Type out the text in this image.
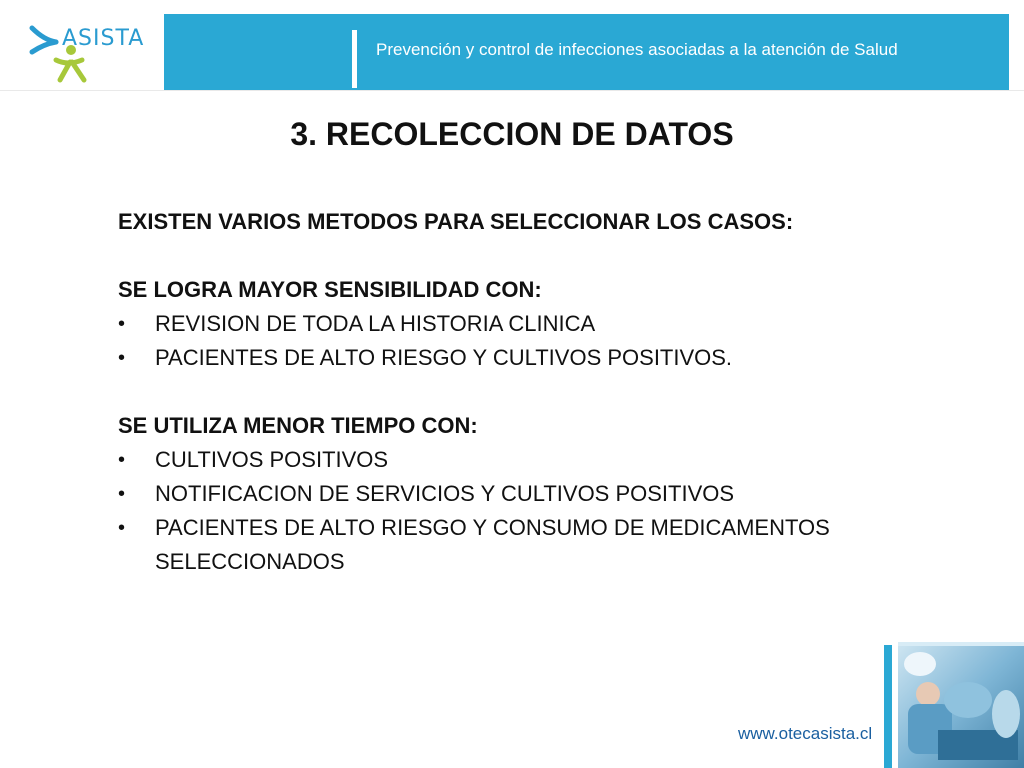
ASISTA	Prevención y control de infecciones asociadas a la atención de Salud
3. RECOLECCION DE DATOS
EXISTEN VARIOS METODOS PARA SELECCIONAR LOS CASOS:
SE LOGRA MAYOR SENSIBILIDAD CON:
•	REVISION DE TODA LA HISTORIA CLINICA
•	PACIENTES DE ALTO RIESGO Y CULTIVOS POSITIVOS.
SE UTILIZA MENOR TIEMPO CON:
•	CULTIVOS POSITIVOS
•	NOTIFICACION DE SERVICIOS Y CULTIVOS POSITIVOS
•	PACIENTES DE ALTO RIESGO Y CONSUMO DE MEDICAMENTOS SELECCIONADOS
www.otecasista.cl
